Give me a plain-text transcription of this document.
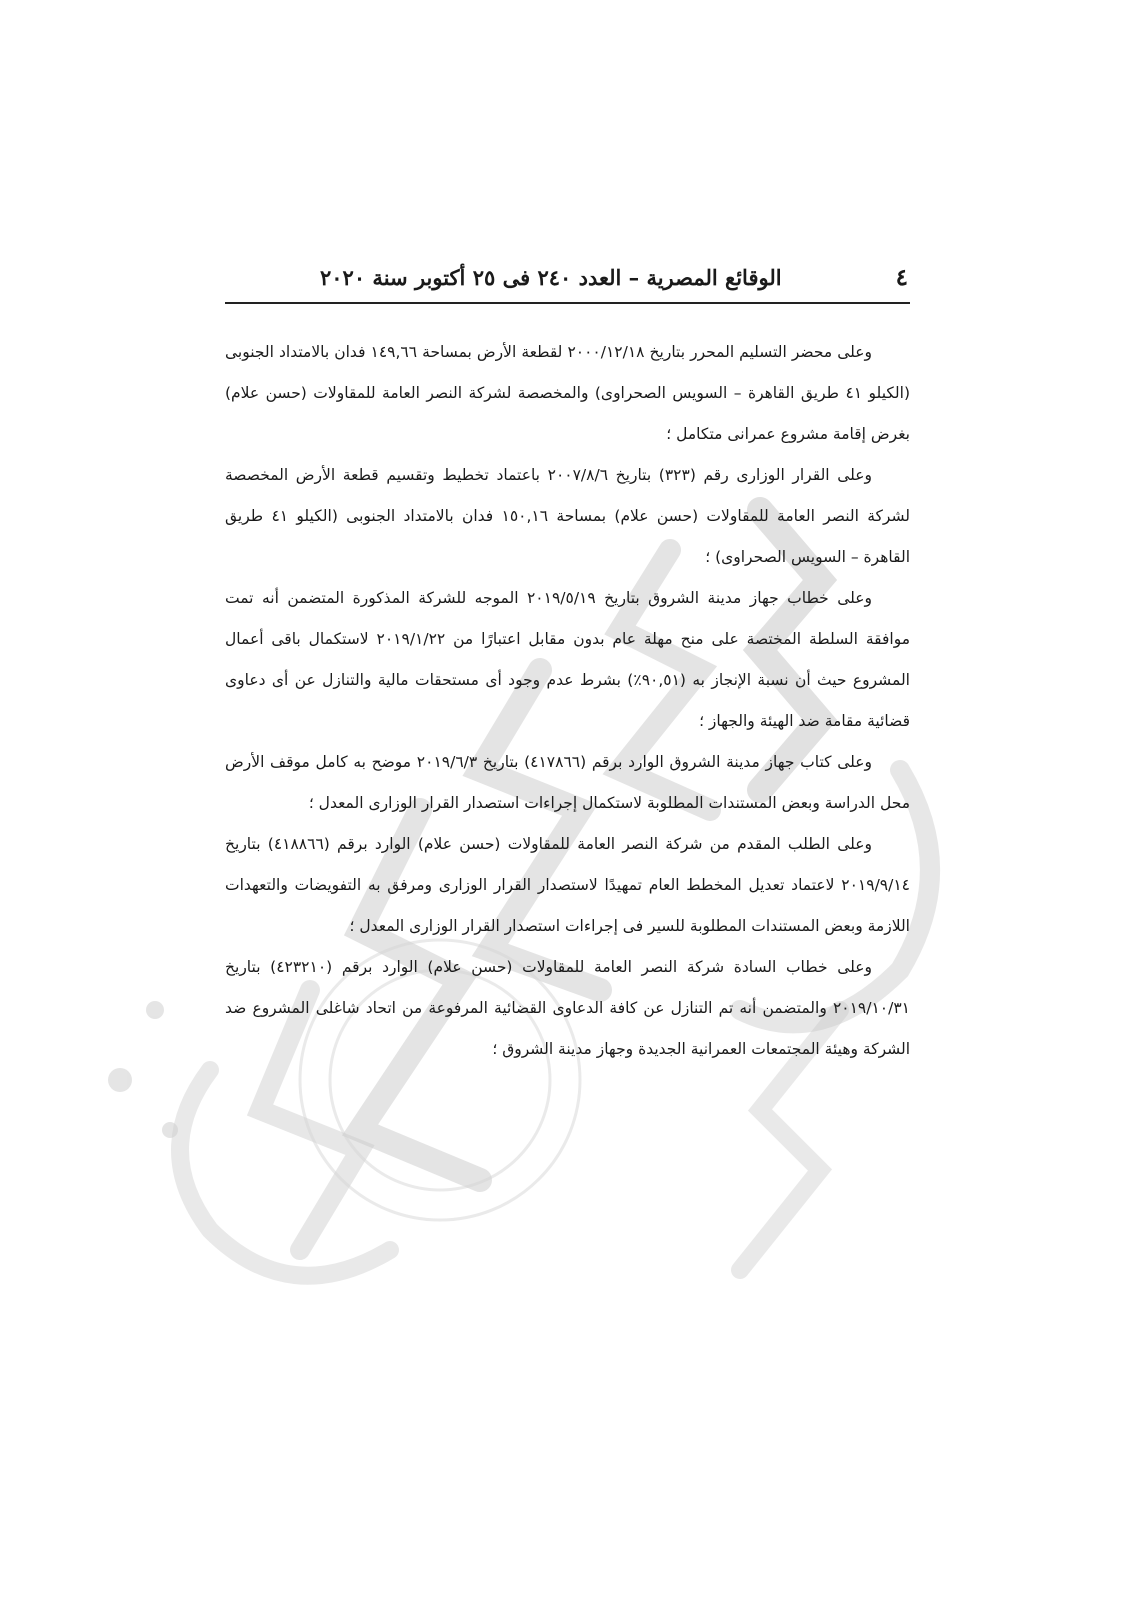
٤
الوقائع المصرية – العدد ٢٤٠ فى ٢٥ أكتوبر سنة ٢٠٢٠

وعلى محضر التسليم المحرر بتاريخ ٢٠٠٠/١٢/١٨ لقطعة الأرض بمساحة ١٤٩,٦٦ فدان بالامتداد الجنوبى (الكيلو ٤١ طريق القاهرة – السويس الصحراوى) والمخصصة لشركة النصر العامة للمقاولات (حسن علام) بغرض إقامة مشروع عمرانى متكامل ؛

وعلى القرار الوزارى رقم (٣٢٣) بتاريخ ٢٠٠٧/٨/٦ باعتماد تخطيط وتقسيم قطعة الأرض المخصصة لشركة النصر العامة للمقاولات (حسن علام) بمساحة ١٥٠,١٦ فدان بالامتداد الجنوبى (الكيلو ٤١ طريق القاهرة – السويس الصحراوى) ؛

وعلى خطاب جهاز مدينة الشروق بتاريخ ٢٠١٩/٥/١٩ الموجه للشركة المذكورة المتضمن أنه تمت موافقة السلطة المختصة على منح مهلة عام بدون مقابل اعتبارًا من ٢٠١٩/١/٢٢ لاستكمال باقى أعمال المشروع حيث أن نسبة الإنجاز به (٩٠,٥١٪) بشرط عدم وجود أى مستحقات مالية والتنازل عن أى دعاوى قضائية مقامة ضد الهيئة والجهاز ؛

وعلى كتاب جهاز مدينة الشروق الوارد برقم (٤١٧٨٦٦) بتاريخ ٢٠١٩/٦/٣ موضح به كامل موقف الأرض محل الدراسة وبعض المستندات المطلوبة لاستكمال إجراءات استصدار القرار الوزارى المعدل ؛

وعلى الطلب المقدم من شركة النصر العامة للمقاولات (حسن علام) الوارد برقم (٤١٨٨٦٦) بتاريخ ٢٠١٩/٩/١٤ لاعتماد تعديل المخطط العام تمهيدًا لاستصدار القرار الوزارى ومرفق به التفويضات والتعهدات اللازمة وبعض المستندات المطلوبة للسير فى إجراءات استصدار القرار الوزارى المعدل ؛

وعلى خطاب السادة شركة النصر العامة للمقاولات (حسن علام) الوارد برقم (٤٢٣٢١٠) بتاريخ ٢٠١٩/١٠/٣١ والمتضمن أنه تم التنازل عن كافة الدعاوى القضائية المرفوعة من اتحاد شاغلى المشروع ضد الشركة وهيئة المجتمعات العمرانية الجديدة وجهاز مدينة الشروق ؛
